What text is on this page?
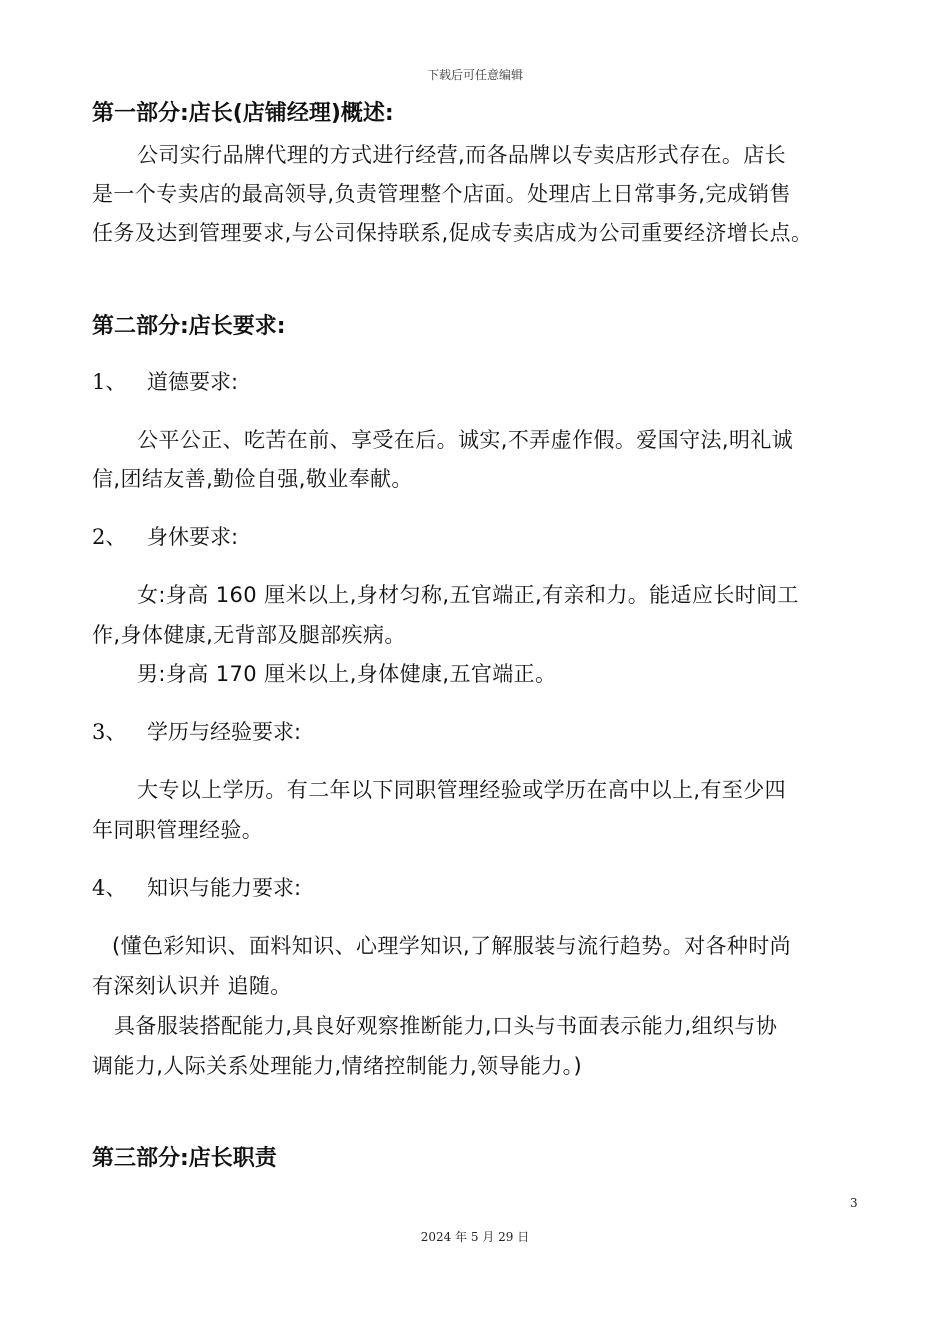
下载后可任意编辑
第一部分:店长(店铺经理)概述:
公司实行品牌代理的方式进行经营,而各品牌以专卖店形式存在。店长
是一个专卖店的最高领导,负责管理整个店面。处理店上日常事务,完成销售
任务及达到管理要求,与公司保持联系,促成专卖店成为公司重要经济增长点。
第二部分:店长要求:
1、 道德要求:
公平公正、吃苦在前、享受在后。诚实,不弄虚作假。爱国守法,明礼诚
信,团结友善,勤俭自强,敬业奉献。
2、 身休要求:
女:身高 160 厘米以上,身材匀称,五官端正,有亲和力。能适应长时间工
作,身体健康,无背部及腿部疾病。
男:身高 170 厘米以上,身体健康,五官端正。
3、 学历与经验要求:
大专以上学历。有二年以下同职管理经验或学历在高中以上,有至少四
年同职管理经验。
4、 知识与能力要求:
(懂色彩知识、面料知识、心理学知识,了解服装与流行趋势。对各种时尚
有深刻认识并 追随。
具备服装搭配能力,具良好观察推断能力,口头与书面表示能力,组织与协
调能力,人际关系处理能力,情绪控制能力,领导能力。)
第三部分:店长职责
3
2024 年 5 月 29 日
